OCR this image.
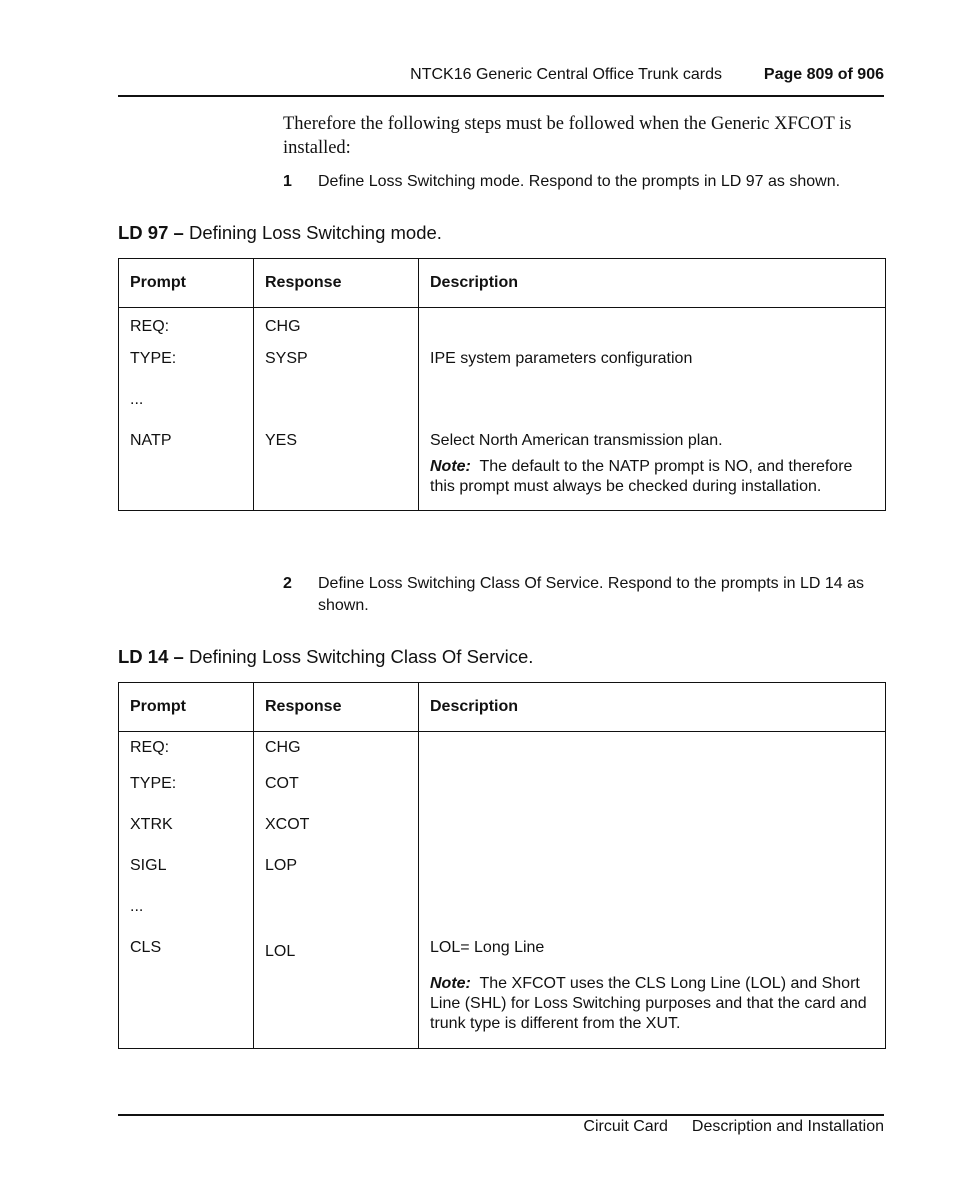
NTCK16 Generic Central Office Trunk cards	Page 809 of 906
Therefore the following steps must be followed when the Generic XFCOT is installed:
1 Define Loss Switching mode. Respond to the prompts in LD 97 as shown.
LD 97 – Defining Loss Switching mode.
Prompt	Response	Description
REQ:	CHG	
TYPE:	SYSP	IPE system parameters configuration
...		
NATP	YES	Select North American transmission plan.
Note: The default to the NATP prompt is NO, and therefore this prompt must always be checked during installation.
2 Define Loss Switching Class Of Service. Respond to the prompts in LD 14 as shown.
LD 14 – Defining Loss Switching Class Of Service.
Prompt	Response	Description
REQ:	CHG	
TYPE:	COT	
XTRK	XCOT	
SIGL	LOP	
...		
CLS	LOL	LOL= Long Line
Note: The XFCOT uses the CLS Long Line (LOL) and Short Line (SHL) for Loss Switching purposes and that the card and trunk type is different from the XUT.
Circuit Card Description and Installation
